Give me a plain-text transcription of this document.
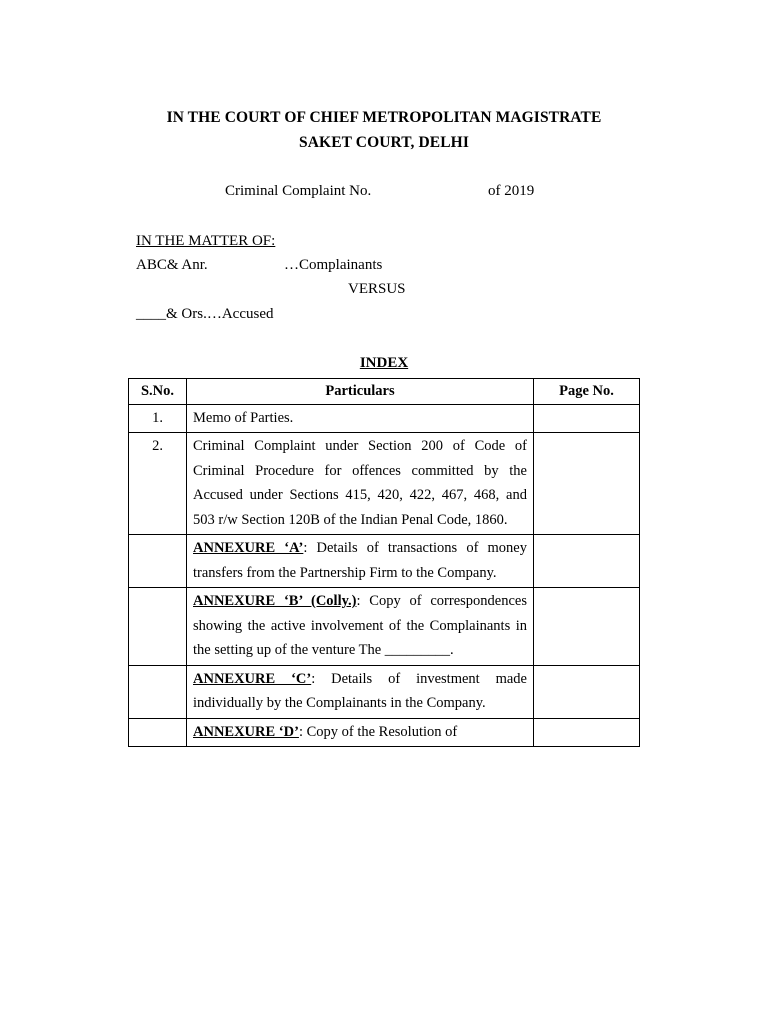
IN THE COURT OF CHIEF METROPOLITAN MAGISTRATE
SAKET COURT, DELHI
Criminal Complaint No.	of 2019
IN THE MATTER OF:
ABC& Anr.	…Complainants
VERSUS
____& Ors.…Accused
INDEX
S.No.	Particulars	Page No.
1.	Memo of Parties.	
2.	Criminal Complaint under Section 200 of Code of Criminal Procedure for offences committed by the Accused under Sections 415, 420, 422, 467, 468, and 503 r/w Section 120B of the Indian Penal Code, 1860.	
	ANNEXURE ‘A’: Details of transactions of money transfers from the Partnership Firm to the Company.	
	ANNEXURE ‘B’ (Colly.): Copy of correspondences showing the active involvement of the Complainants in the setting up of the venture The _________.	
	ANNEXURE ‘C’: Details of investment made individually by the Complainants in the Company.	
	ANNEXURE ‘D’: Copy of the Resolution of	
